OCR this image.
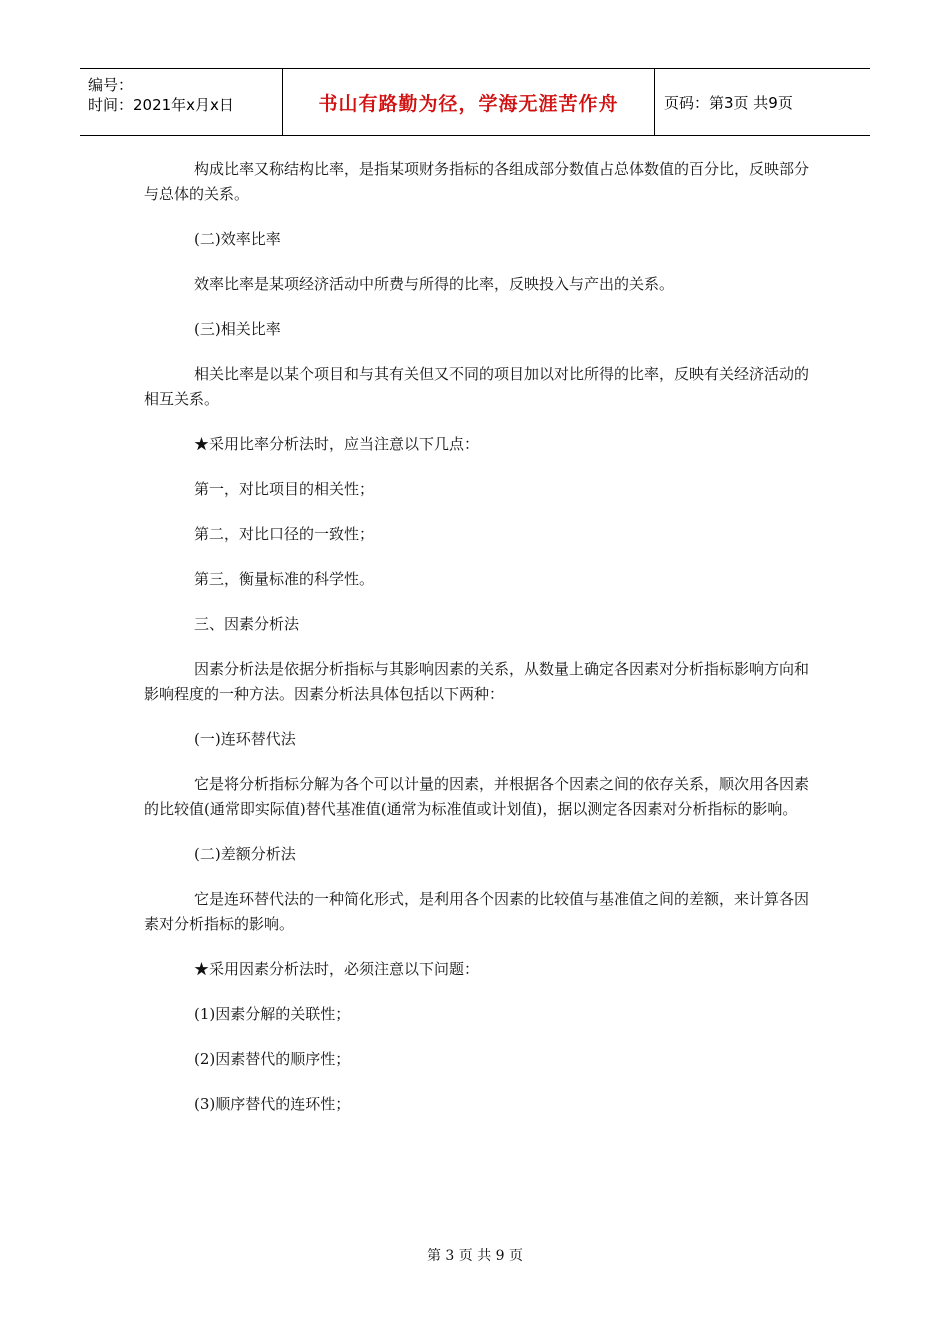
编号：
时间：2021年x月x日	书山有路勤为径，学海无涯苦作舟	页码：第3页 共9页

构成比率又称结构比率，是指某项财务指标的各组成部分数值占总体数值的百分比，反映部分与总体的关系。

(二)效率比率

效率比率是某项经济活动中所费与所得的比率，反映投入与产出的关系。

(三)相关比率

相关比率是以某个项目和与其有关但又不同的项目加以对比所得的比率，反映有关经济活动的相互关系。

★采用比率分析法时，应当注意以下几点：

第一，对比项目的相关性；

第二，对比口径的一致性；

第三，衡量标准的科学性。

三、因素分析法

因素分析法是依据分析指标与其影响因素的关系，从数量上确定各因素对分析指标影响方向和影响程度的一种方法。因素分析法具体包括以下两种：

(一)连环替代法

它是将分析指标分解为各个可以计量的因素，并根据各个因素之间的依存关系，顺次用各因素的比较值(通常即实际值)替代基准值(通常为标准值或计划值)，据以测定各因素对分析指标的影响。

(二)差额分析法

它是连环替代法的一种简化形式，是利用各个因素的比较值与基准值之间的差额，来计算各因素对分析指标的影响。

★采用因素分析法时，必须注意以下问题：

(1)因素分解的关联性；

(2)因素替代的顺序性；

(3)顺序替代的连环性；

第 3 页 共 9 页
